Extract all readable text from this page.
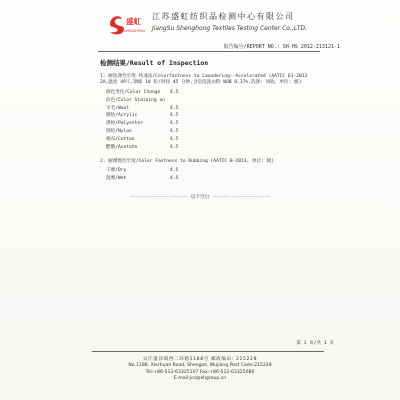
盛虹
SHENGHONG
江苏盛虹纺织品检测中心有限公司
JiangSu Shenghong Textiles Testing Center Co.,LTD.
报告编号/REPORT NO.: SH-HS 2012-213121-1
检测结果/Result of Inspection
1. 耐洗涤色牢度-快速法/Colorfastness to Laundering--Accelerated (AATCC 61-2013
2A,温度 49℃,钢球 10 粒/时间 45 分钟,含皂洗洗衣粉 WOB 0.37%,洗涤: 回收、单位: 级)
颜色变化/Color Change 4.5
沾色/Color Staining on
羊毛/Wool	4.5
腈纶/Acrylic	4.5
涤纶/Polyester	4.5
锦纶/Nylon	4.5
棉布/Cotton	4.5
醋酯/Acetate	4.5
2. 耐摩擦色牢度/Color Fastness to Rubbing (AATCC 8-2013, 单位: 级)
干摩/Dry	4.5
湿摩/Wet	4.5
--------------------- 以下空白 ---------------------
第 1 页/共 1 页
吴江盛泽镇西二环路1188号 邮政编码: 215228
No.1188, Xierhuan Road, Shengze, Wujiang Post Code:215228
Tel:+86-512-63325107 Fax:+86-512-63325080
E-mail:jcs@shgroup.cn
